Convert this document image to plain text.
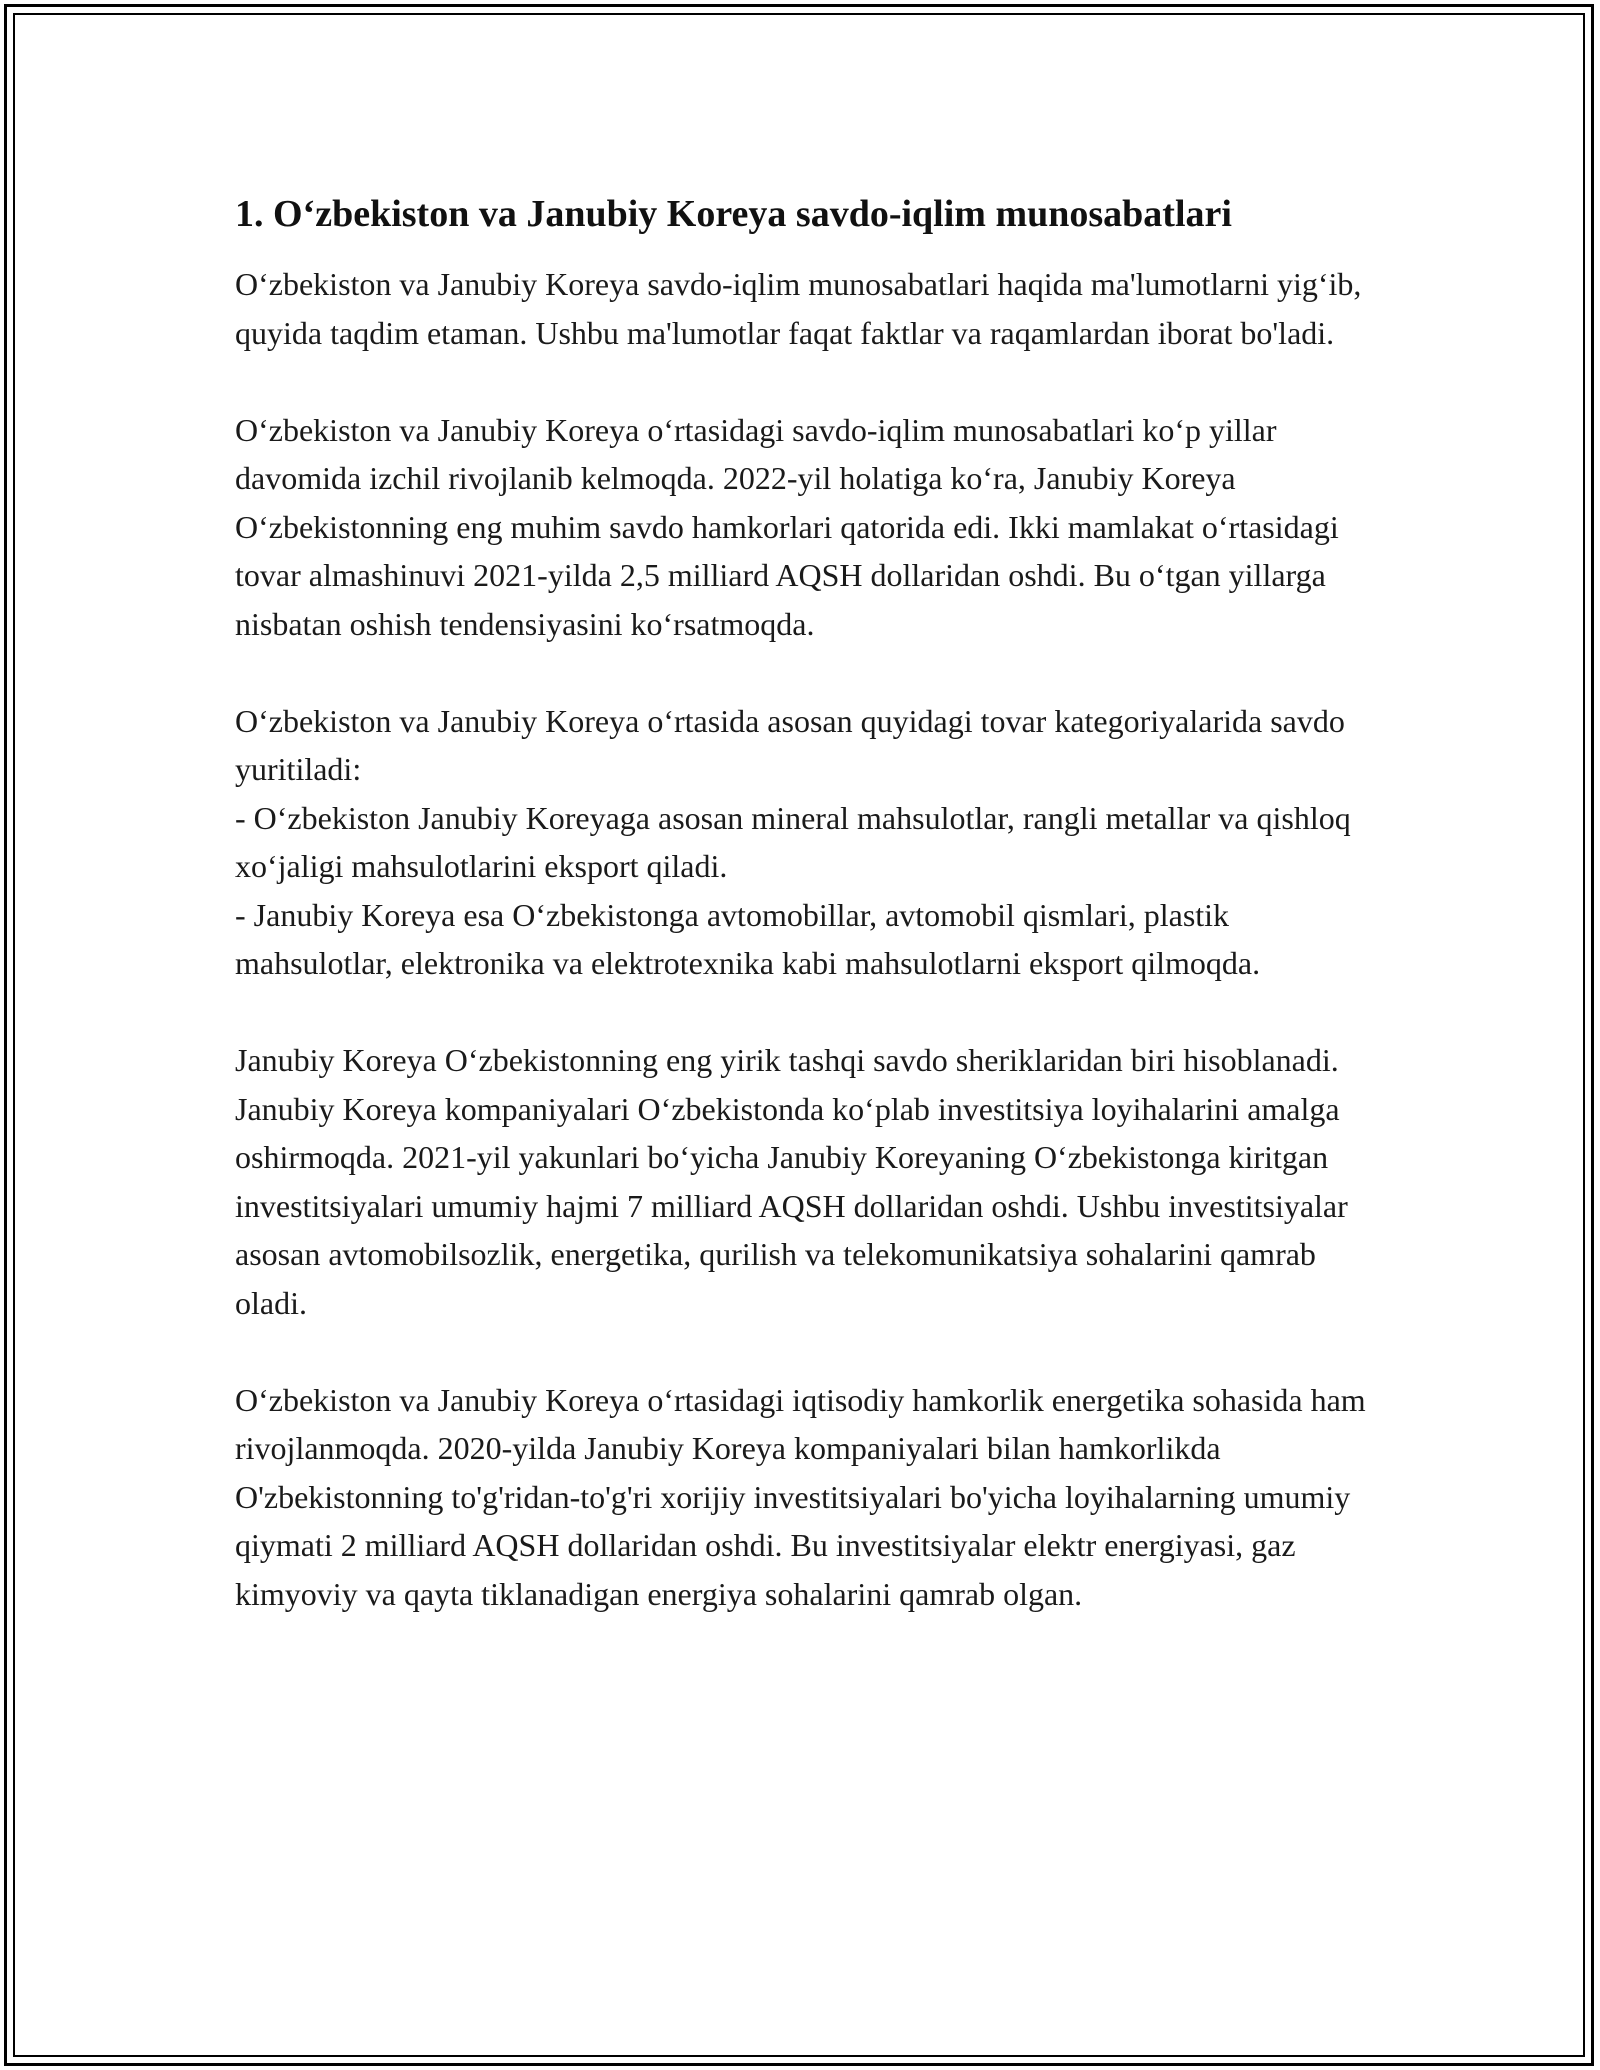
1. O‘zbekiston va Janubiy Koreya savdo-iqlim munosabatlari

O‘zbekiston va Janubiy Koreya savdo-iqlim munosabatlari haqida ma'lumotlarni yig‘ib, quyida taqdim etaman. Ushbu ma'lumotlar faqat faktlar va raqamlardan iborat bo'ladi.

O‘zbekiston va Janubiy Koreya o‘rtasidagi savdo-iqlim munosabatlari ko‘p yillar davomida izchil rivojlanib kelmoqda. 2022-yil holatiga ko‘ra, Janubiy Koreya O‘zbekistonning eng muhim savdo hamkorlari qatorida edi. Ikki mamlakat o‘rtasidagi tovar almashinuvi 2021-yilda 2,5 milliard AQSH dollaridan oshdi. Bu o‘tgan yillarga nisbatan oshish tendensiyasini ko‘rsatmoqda.

O‘zbekiston va Janubiy Koreya o‘rtasida asosan quyidagi tovar kategoriyalarida savdo yuritiladi:
- O‘zbekiston Janubiy Koreyaga asosan mineral mahsulotlar, rangli metallar va qishloq xo‘jaligi mahsulotlarini eksport qiladi.
- Janubiy Koreya esa O‘zbekistonga avtomobillar, avtomobil qismlari, plastik mahsulotlar, elektronika va elektrotexnika kabi mahsulotlarni eksport qilmoqda.

Janubiy Koreya O‘zbekistonning eng yirik tashqi savdo sheriklaridan biri hisoblanadi. Janubiy Koreya kompaniyalari O‘zbekistonda ko‘plab investitsiya loyihalarini amalga oshirmoqda. 2021-yil yakunlari bo‘yicha Janubiy Koreyaning O‘zbekistonga kiritgan investitsiyalari umumiy hajmi 7 milliard AQSH dollaridan oshdi. Ushbu investitsiyalar asosan avtomobilsozlik, energetika, qurilish va telekomunikatsiya sohalarini qamrab oladi.

O‘zbekiston va Janubiy Koreya o‘rtasidagi iqtisodiy hamkorlik energetika sohasida ham rivojlanmoqda. 2020-yilda Janubiy Koreya kompaniyalari bilan hamkorlikda O'zbekistonning to'g'ridan-to'g'ri xorijiy investitsiyalari bo'yicha loyihalarning umumiy qiymati 2 milliard AQSH dollaridan oshdi. Bu investitsiyalar elektr energiyasi, gaz kimyoviy va qayta tiklanadigan energiya sohalarini qamrab olgan.
